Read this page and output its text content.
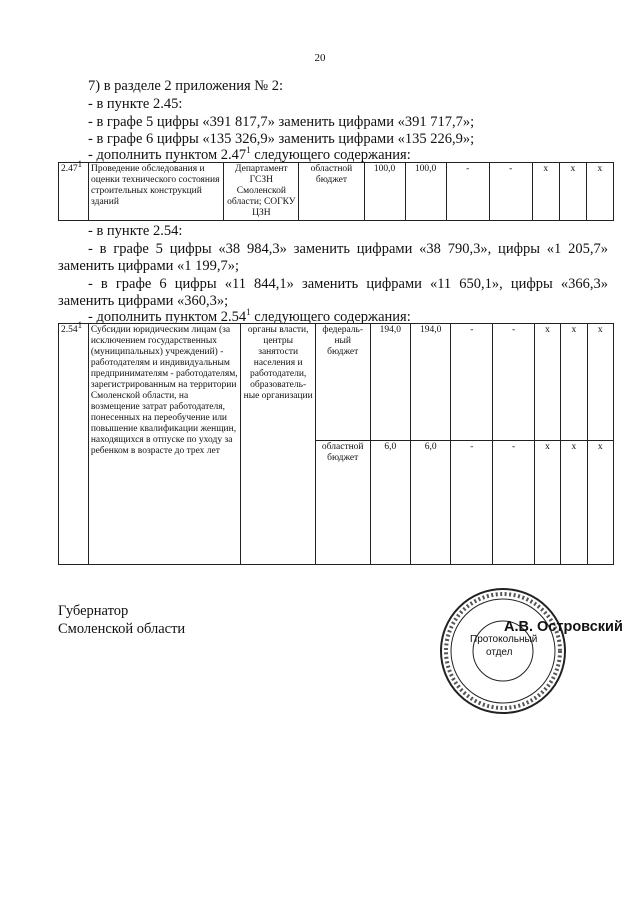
20
7) в разделе 2 приложения № 2:
- в пункте 2.45:
- в графе 5 цифры «391 817,7» заменить цифрами «391 717,7»;
- в графе 6 цифры «135 326,9» заменить цифрами «135 226,9»;
- дополнить пунктом 2.47$^1$ следующего содержания:
2.47$^1$	Проведение обследования и оценки технического состояния строительных конструкций зданий	Департамент ГСЗН Смоленской области; СОГКУ ЦЗН	областной бюджет	100,0	100,0	-	-	х	х	х
- в пункте 2.54:
- в графе 5 цифры «38 984,3» заменить цифрами «38 790,3», цифры «1 205,7»
заменить цифрами «1 199,7»;
- в графе 6 цифры «11 844,1» заменить цифрами «11 650,1», цифры «366,3»
заменить цифрами «360,3»;
- дополнить пунктом 2.54$^1$ следующего содержания:
2.54$^1$	Субсидии юридическим лицам (за исключением государственных (муниципальных) учреждений) - работодателям и индивидуальным предпринимателям - работодателям, зарегистрированным на территории Смоленской области, на возмещение затрат работодателя, понесенных на переобучение или повышение квалификации женщин, находящихся в отпуске по уходу за ребенком в возрасте до трех лет	органы власти, центры занятости населения и работодатели, образователь-ные организации	федераль-ный бюджет	194,0	194,0	-	-	х	х	х
			областной бюджет	6,0	6,0	-	-	х	х	х
Губернатор
Смоленской области
Протокольный
отдел
А.В. Островский
